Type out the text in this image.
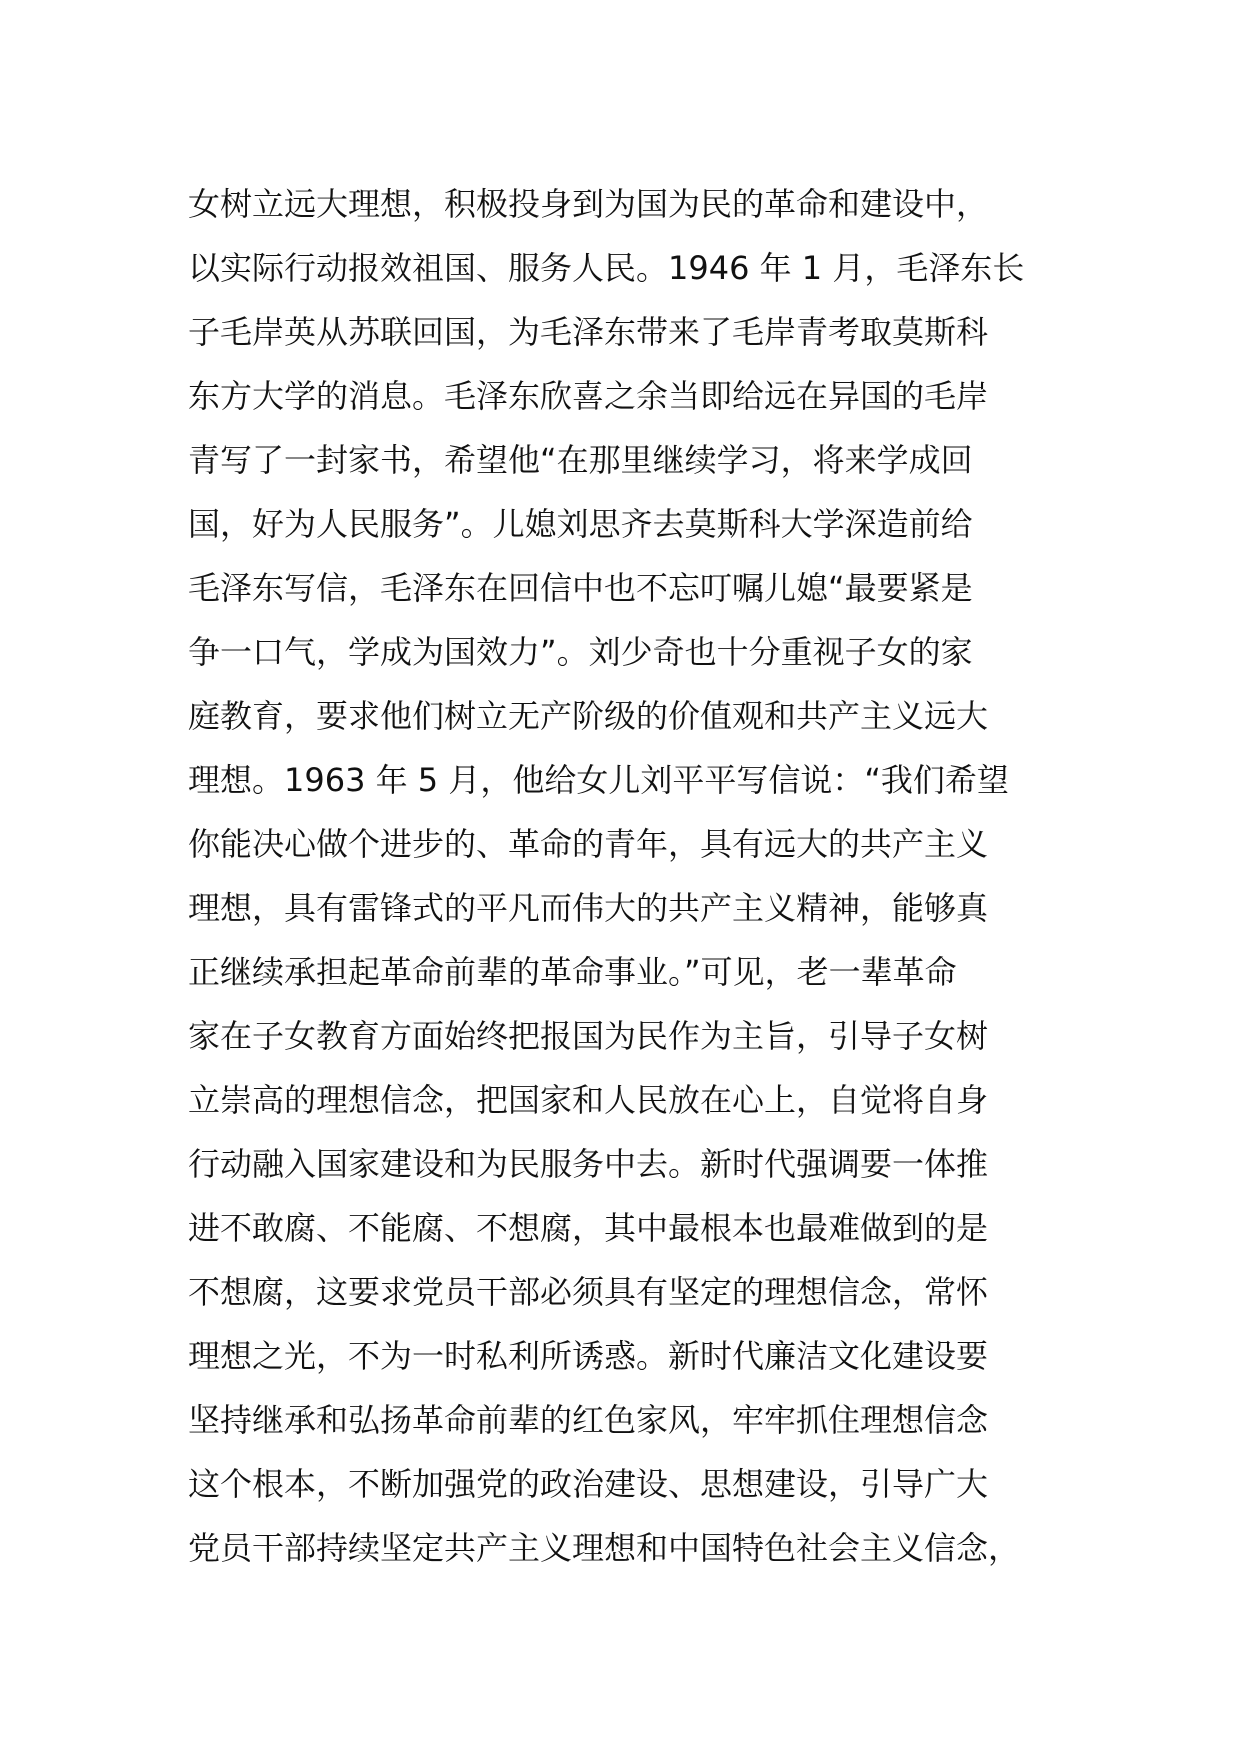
女树立远大理想，积极投身到为国为民的革命和建设中，
以实际行动报效祖国、服务人民。1946 年 1 月，毛泽东长
子毛岸英从苏联回国，为毛泽东带来了毛岸青考取莫斯科
东方大学的消息。毛泽东欣喜之余当即给远在异国的毛岸
青写了一封家书，希望他“在那里继续学习，将来学成回
国，好为人民服务”。儿媳刘思齐去莫斯科大学深造前给
毛泽东写信，毛泽东在回信中也不忘叮嘱儿媳“最要紧是
争一口气，学成为国效力”。刘少奇也十分重视子女的家
庭教育，要求他们树立无产阶级的价值观和共产主义远大
理想。1963 年 5 月，他给女儿刘平平写信说：“我们希望
你能决心做个进步的、革命的青年，具有远大的共产主义
理想，具有雷锋式的平凡而伟大的共产主义精神，能够真
正继续承担起革命前辈的革命事业。”可见，老一辈革命
家在子女教育方面始终把报国为民作为主旨，引导子女树
立崇高的理想信念，把国家和人民放在心上，自觉将自身
行动融入国家建设和为民服务中去。新时代强调要一体推
进不敢腐、不能腐、不想腐，其中最根本也最难做到的是
不想腐，这要求党员干部必须具有坚定的理想信念，常怀
理想之光，不为一时私利所诱惑。新时代廉洁文化建设要
坚持继承和弘扬革命前辈的红色家风，牢牢抓住理想信念
这个根本，不断加强党的政治建设、思想建设，引导广大
党员干部持续坚定共产主义理想和中国特色社会主义信念，
